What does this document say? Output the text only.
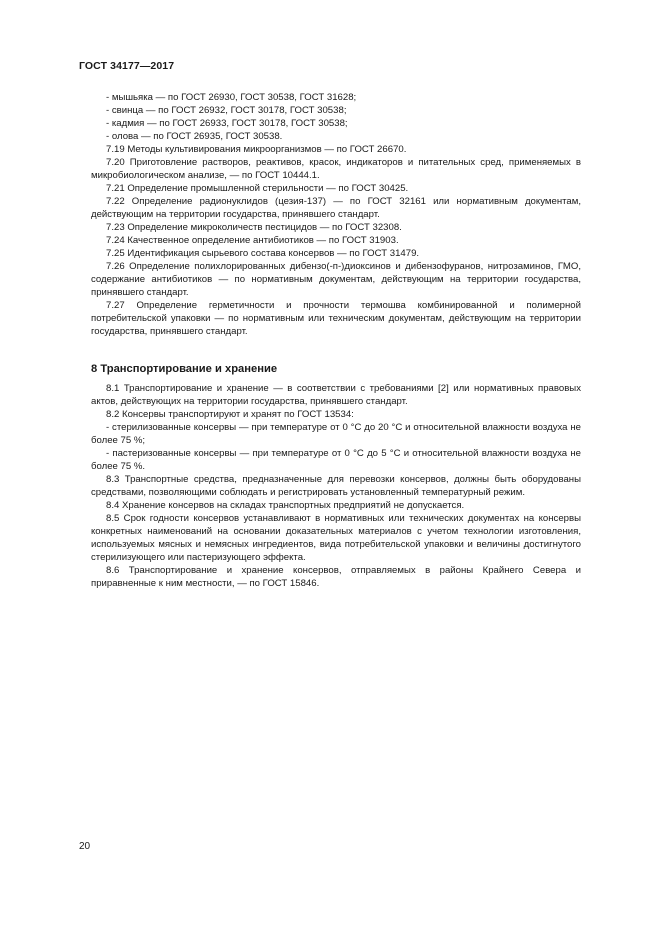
ГОСТ 34177—2017

- мышьяка — по ГОСТ 26930, ГОСТ 30538, ГОСТ 31628;

- свинца — по ГОСТ 26932, ГОСТ 30178, ГОСТ 30538;

- кадмия — по ГОСТ 26933, ГОСТ 30178, ГОСТ 30538;

- олова — по ГОСТ 26935, ГОСТ 30538.

7.19 Методы культивирования микроорганизмов — по ГОСТ 26670.

7.20 Приготовление растворов, реактивов, красок, индикаторов и питательных сред, применяемых в микробиологическом анализе, — по ГОСТ 10444.1.

7.21 Определение промышленной стерильности — по ГОСТ 30425.

7.22 Определение радионуклидов (цезия-137) — по ГОСТ 32161 или нормативным документам, действующим на территории государства, принявшего стандарт.

7.23 Определение микроколичеств пестицидов — по ГОСТ 32308.

7.24 Качественное определение антибиотиков — по ГОСТ 31903.

7.25 Идентификация сырьевого состава консервов — по ГОСТ 31479.

7.26 Определение полихлорированных дибензо(-п-)диоксинов и дибензофуранов, нитрозаминов, ГМО, содержание антибиотиков — по нормативным документам, действующим на территории государства, принявшего стандарт.

7.27 Определение герметичности и прочности термошва комбинированной и полимерной потребительской упаковки — по нормативным или техническим документам, действующим на территории государства, принявшего стандарт.

8 Транспортирование и хранение

8.1 Транспортирование и хранение — в соответствии с требованиями [2] или нормативных правовых актов, действующих на территории государства, принявшего стандарт.

8.2 Консервы транспортируют и хранят по ГОСТ 13534:

- стерилизованные консервы — при температуре от 0 °С до 20 °С и относительной влажности воздуха не более 75 %;

- пастеризованные консервы — при температуре от 0 °С до 5 °С и относительной влажности воздуха не более 75 %.

8.3 Транспортные средства, предназначенные для перевозки консервов, должны быть оборудованы средствами, позволяющими соблюдать и регистрировать установленный температурный режим.

8.4 Хранение консервов на складах транспортных предприятий не допускается.

8.5 Срок годности консервов устанавливают в нормативных или технических документах на консервы конкретных наименований на основании доказательных материалов с учетом технологии изготовления, используемых мясных и немясных ингредиентов, вида потребительской упаковки и величины достигнутого стерилизующего или пастеризующего эффекта.

8.6 Транспортирование и хранение консервов, отправляемых в районы Крайнего Севера и приравненные к ним местности, — по ГОСТ 15846.

20
